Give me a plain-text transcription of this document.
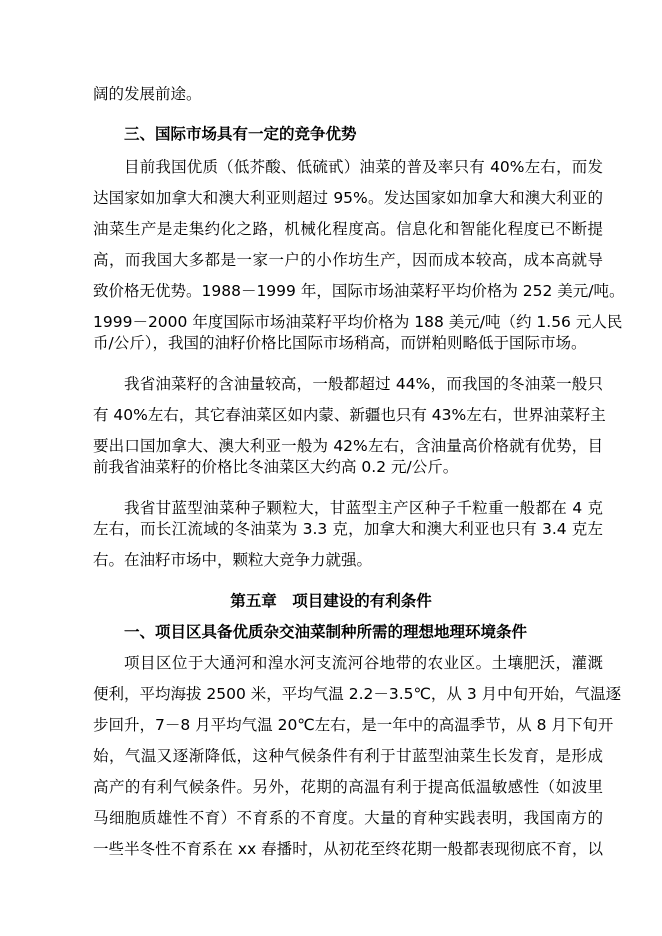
阔的发展前途。

三、国际市场具有一定的竞争优势

目前我国优质（低芥酸、低硫甙）油菜的普及率只有 40%左右，而发

达国家如加拿大和澳大利亚则超过 95%。发达国家如加拿大和澳大利亚的

油菜生产是走集约化之路，机械化程度高。信息化和智能化程度已不断提

高，而我国大多都是一家一户的小作坊生产，因而成本较高，成本高就导

致价格无优势。1988－1999 年，国际市场油菜籽平均价格为 252 美元/吨。

1999－2000 年度国际市场油菜籽平均价格为 188 美元/吨（约 1.56 元人民

币/公斤），我国的油籽价格比国际市场稍高，而饼粕则略低于国际市场。

我省油菜籽的含油量较高，一般都超过 44%，而我国的冬油菜一般只

有 40%左右，其它春油菜区如内蒙、新疆也只有 43%左右，世界油菜籽主

要出口国加拿大、澳大利亚一般为 42%左右，含油量高价格就有优势，目

前我省油菜籽的价格比冬油菜区大约高 0.2 元/公斤。

我省甘蓝型油菜种子颗粒大，甘蓝型主产区种子千粒重一般都在 4 克

左右，而长江流域的冬油菜为 3.3 克，加拿大和澳大利亚也只有 3.4 克左

右。在油籽市场中，颗粒大竞争力就强。

第五章　项目建设的有利条件

一、项目区具备优质杂交油菜制种所需的理想地理环境条件

项目区位于大通河和湟水河支流河谷地带的农业区。土壤肥沃，灌溉

便利，平均海拔 2500 米，平均气温 2.2－3.5℃，从 3 月中旬开始，气温逐

步回升，7－8 月平均气温 20℃左右，是一年中的高温季节，从 8 月下旬开

始，气温又逐渐降低，这种气候条件有利于甘蓝型油菜生长发育，是形成

高产的有利气候条件。另外，花期的高温有利于提高低温敏感性（如波里

马细胞质雄性不育）不育系的不育度。大量的育种实践表明，我国南方的

一些半冬性不育系在 xx 春播时，从初花至终花期一般都表现彻底不育，以
